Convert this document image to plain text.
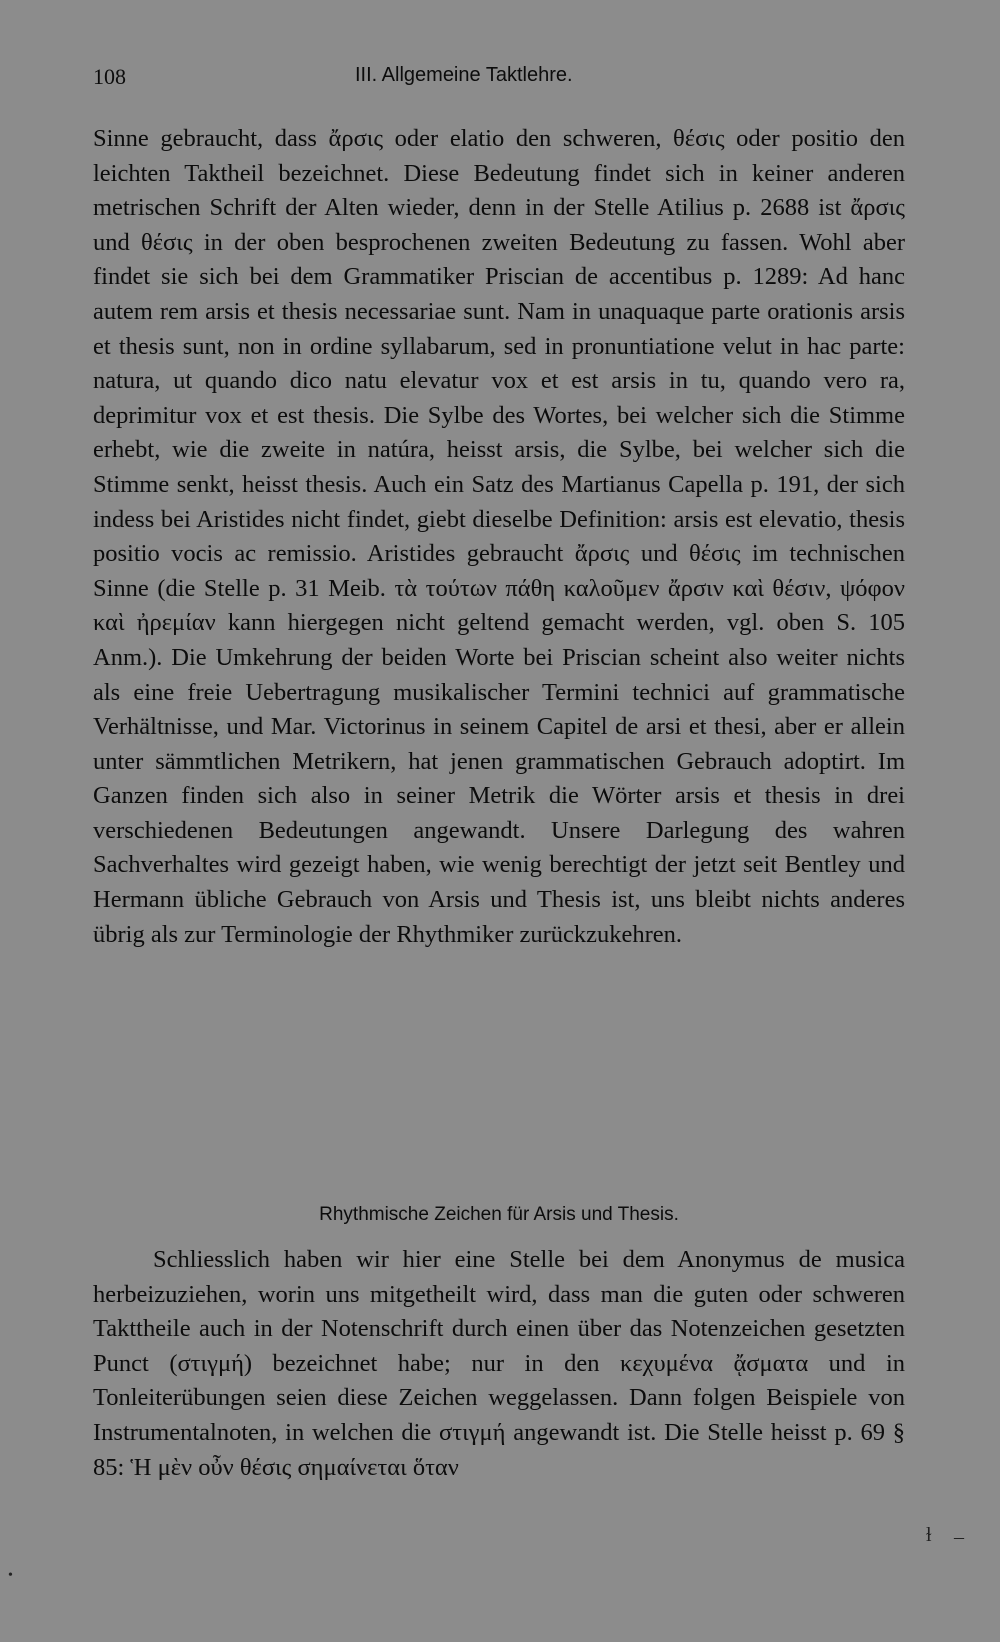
108	III. Allgemeine Taktlehre.

Sinne gebraucht, dass ἄρσις oder elatio den schweren, θέσις oder positio den leichten Taktheil bezeichnet. Diese Bedeutung findet sich in keiner anderen metrischen Schrift der Alten wieder, denn in der Stelle Atilius p. 2688 ist ἄρσις und θέσις in der oben besprochenen zweiten Bedeutung zu fassen. Wohl aber findet sie sich bei dem Grammatiker Priscian de accentibus p. 1289: Ad hanc autem rem arsis et thesis necessariae sunt. Nam in unaquaque parte orationis arsis et thesis sunt, non in ordine syllabarum, sed in pronuntiatione velut in hac parte: natura, ut quando dico natu elevatur vox et est arsis in tu, quando vero ra, deprimitur vox et est thesis. Die Sylbe des Wortes, bei welcher sich die Stimme erhebt, wie die zweite in natúra, heisst arsis, die Sylbe, bei welcher sich die Stimme senkt, heisst thesis. Auch ein Satz des Martianus Capella p. 191, der sich indess bei Aristides nicht findet, giebt dieselbe Definition: arsis est elevatio, thesis positio vocis ac remissio. Aristides gebraucht ἄρσις und θέσις im technischen Sinne (die Stelle p. 31 Meib. τὰ τούτων πάθη καλοῦμεν ἄρσιν καὶ θέσιν, ψόφον καὶ ἠρεμίαν kann hiergegen nicht geltend gemacht werden, vgl. oben S. 105 Anm.). Die Umkehrung der beiden Worte bei Priscian scheint also weiter nichts als eine freie Uebertragung musikalischer Termini technici auf grammatische Verhältnisse, und Mar. Victorinus in seinem Capitel de arsi et thesi, aber er allein unter sämmtlichen Metrikern, hat jenen grammatischen Gebrauch adoptirt. Im Ganzen finden sich also in seiner Metrik die Wörter arsis et thesis in drei verschiedenen Bedeutungen angewandt. Unsere Darlegung des wahren Sachverhaltes wird gezeigt haben, wie wenig berechtigt der jetzt seit Bentley und Hermann übliche Gebrauch von Arsis und Thesis ist, uns bleibt nichts anderes übrig als zur Terminologie der Rhythmiker zurückzukehren.

Rhythmische Zeichen für Arsis und Thesis.

Schliesslich haben wir hier eine Stelle bei dem Anonymus de musica herbeizuziehen, worin uns mitgetheilt wird, dass man die guten oder schweren Takttheile auch in der Notenschrift durch einen über das Notenzeichen gesetzten Punct (στιγμή) bezeichnet habe; nur in den κεχυμένα ᾄσματα und in Tonleiterübungen seien diese Zeichen weggelassen. Dann folgen Beispiele von Instrumentalnoten, in welchen die στιγμή angewandt ist. Die Stelle heisst p. 69 § 85: Ἡ μὲν οὖν θέσις σημαίνεται ὅταν

ɫ –
•
